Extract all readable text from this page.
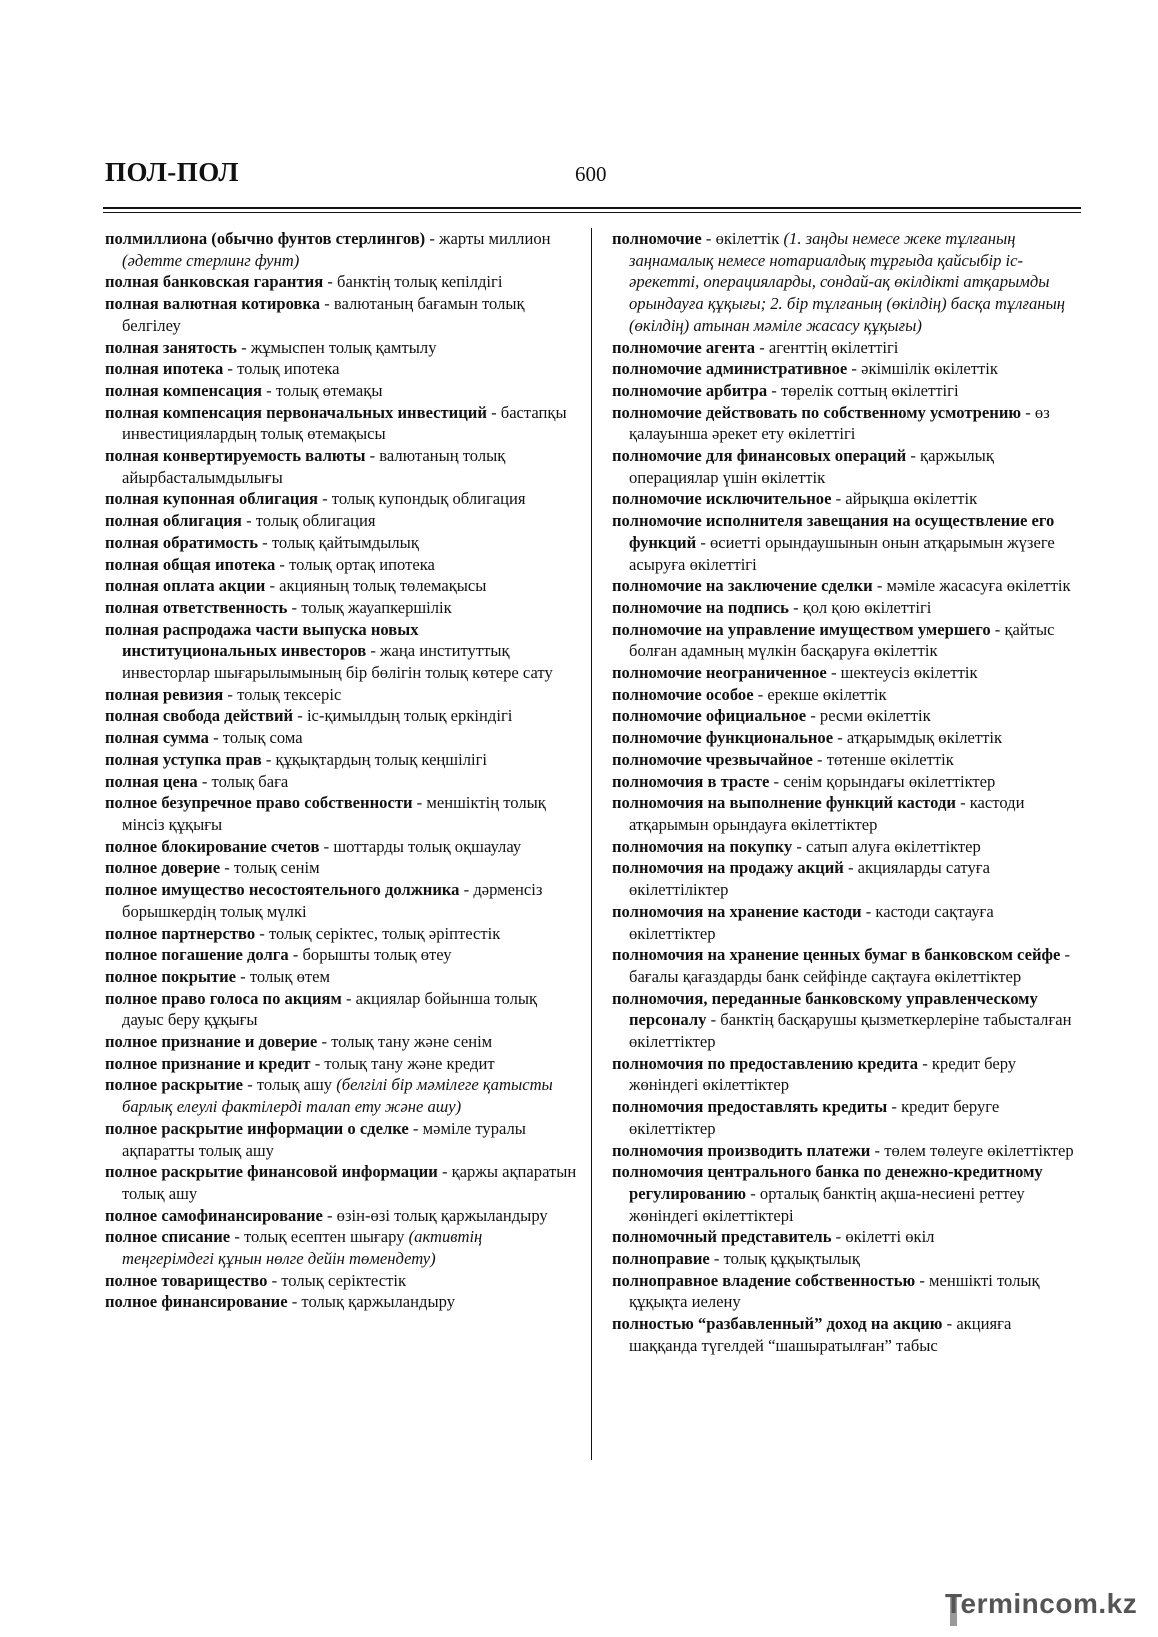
ПОЛ-ПОЛ	600

полмиллиона (обычно фунтов стерлингов) - жарты миллион (әдетте стерлинг фунт)

полная банковская гарантия - банктің толық кепілдігі

полная валютная котировка - валютаның бағамын толық белгілеу

полная занятость - жұмыспен толық қамтылу

полная ипотека - толық ипотека

полная компенсация - толық өтемақы

полная компенсация первоначальных инвестиций - бастапқы инвестициялардың толық өтемақысы

полная конвертируемость валюты - валютаның толық айырбасталымдылығы

полная купонная облигация - толық купондық облигация

полная облигация - толық облигация

полная обратимость - толық қайтымдылық

полная общая ипотека - толық ортақ ипотека

полная оплата акции - акцияның толық төлемақысы

полная ответственность - толық жауапкершілік

полная распродажа части выпуска новых институциональных инвесторов - жаңа институттық инвесторлар шығарылымының бір бөлігін толық көтере сату

полная ревизия - толық тексеріс

полная свобода действий - іс-қимылдың толық еркіндігі

полная сумма - толық сома

полная уступка прав - құқықтардың толық кеңшілігі

полная цена - толық баға

полное безупречное право собственности - меншіктің толық мінсіз құқығы

полное блокирование счетов - шоттарды толық оқшаулау

полное доверие - толық сенім

полное имущество несостоятельного должника - дәрменсіз борышкердің толық мүлкі

полное партнерство - толық серіктес, толық әріптестік

полное погашение долга - борышты толық өтеу

полное покрытие - толық өтем

полное право голоса по акциям - акциялар бойынша толық дауыс беру құқығы

полное признание и доверие - толық тану және сенім

полное признание и кредит - толық тану және кредит

полное раскрытие - толық ашу (белгілі бір мәмілеге қатысты барлық елеулі фактілерді талап ету және ашу)

полное раскрытие информации о сделке - мәміле туралы ақпаратты толық ашу

полное раскрытие финансовой информации - қаржы ақпаратын толық ашу

полное самофинансирование - өзін-өзі толық қаржыландыру

полное списание - толық есептен шығару (активтің теңгерімдегі құнын нөлге дейін төмендету)

полное товарищество - толық серіктестік

полное финансирование - толық қаржыландыру

полномочие - өкілеттік (1. заңды немесе жеке тұлғаның заңнамалық немесе нотариалдық тұрғыда қайсыбір іс-әрекетті, операцияларды, сондай-ақ өкілдікті атқарымды орындауға құқығы; 2. бір тұлғаның (өкілдің) басқа тұлғаның (өкілдің) атынан мәміле жасасу құқығы)

полномочие агента - агенттің өкілеттігі

полномочие административное - әкімшілік өкілеттік

полномочие арбитра - төрелік соттың өкілеттігі

полномочие действовать по собственному усмотрению - өз қалауынша әрекет ету өкілеттігі

полномочие для финансовых операций - қаржылық операциялар үшін өкілеттік

полномочие исключительное - айрықша өкілеттік

полномочие исполнителя завещания на осуществление его функций - өсиетті орындаушынын онын атқарымын жүзеге асыруға өкілеттігі

полномочие на заключение сделки - мәміле жасасуға өкілеттік

полномочие на подпись - қол қою өкілеттігі

полномочие на управление имуществом умершего - қайтыс болған адамның мүлкін басқаруға өкілеттік

полномочие неограниченное - шектеусіз өкілеттік

полномочие особое - ерекше өкілеттік

полномочие официальное - ресми өкілеттік

полномочие функциональное - атқарымдық өкілеттік

полномочие чрезвычайное - төтенше өкілеттік

полномочия в трасте - сенім қорындағы өкілеттіктер

полномочия на выполнение функций кастоди - кастоди атқарымын орындауға өкілеттіктер

полномочия на покупку - сатып алуға өкілеттіктер

полномочия на продажу акций - акцияларды сатуға өкілеттіліктер

полномочия на хранение кастоди - кастоди сақтауға өкілеттіктер

полномочия на хранение ценных бумаг в банковском сейфе - бағалы қағаздарды банк сейфінде сақтауға өкілеттіктер

полномочия, переданные банковскому управленческому персоналу - банктің басқарушы қызметкерлеріне табысталған өкілеттіктер

полномочия по предоставлению кредита - кредит беру жөніндегі өкілеттіктер

полномочия предоставлять кредиты - кредит беруге өкілеттіктер

полномочия производить платежи - төлем төлеуге өкілеттіктер

полномочия центрального банка по денежно-кредитному регулированию - орталық банктің ақша-несиені реттеу жөніндегі өкілеттіктері

полномочный представитель - өкілетті өкіл

полноправие - толық құқықтылық

полноправное владение собственностью - меншікті толық құқықта иелену

полностью “разбавленный” доход на акцию - акцияға шаққанда түгелдей “шашыратылған” табыс

Termincom.kz
